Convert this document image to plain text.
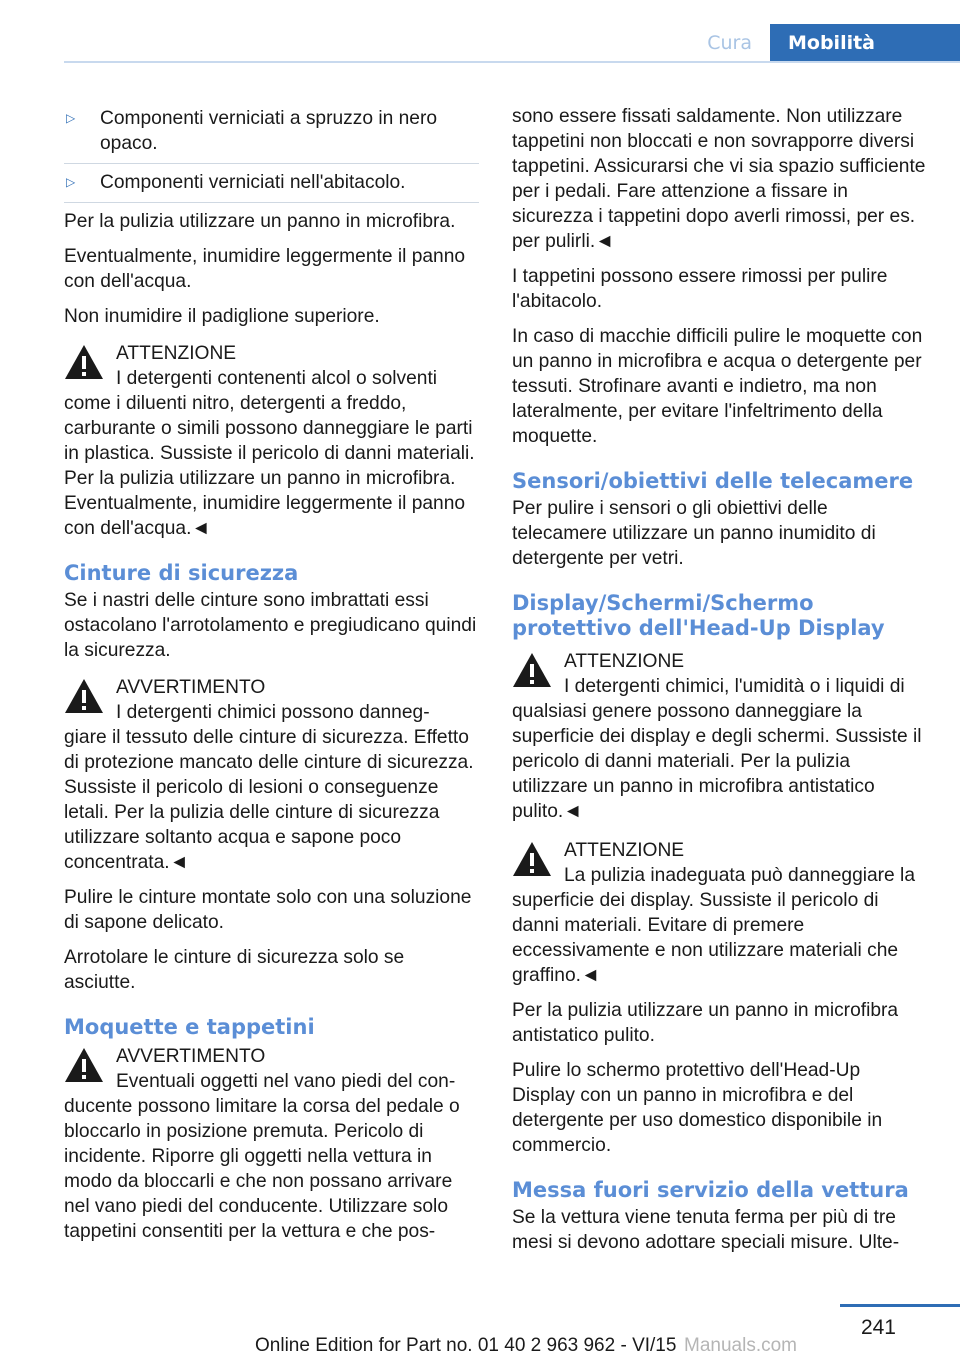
Cura	Mobilità
▷	Componenti verniciati a spruzzo in nero opaco.
▷	Componenti verniciati nell'abitacolo.

Per la pulizia utilizzare un panno in microfibra.

Eventualmente, inumidire leggermente il panno con dell'acqua.

Non inumidire il padiglione superiore.

ATTENZIONE
I detergenti contenenti alcol o solventi
come i diluenti nitro, detergenti a freddo, carburante o simili possono danneggiare le parti in plastica. Sussiste il pericolo di danni materiali. Per la pulizia utilizzare un panno in microfibra. Eventualmente, inumidire leggermente il panno con dell'acqua.◄
Cinture di sicurezza

Se i nastri delle cinture sono imbrattati essi ostacolano l'arrotolamento e pregiudicano quindi la sicurezza.

AVVERTIMENTO
I detergenti chimici possono danneg-
giare il tessuto delle cinture di sicurezza. Effetto di protezione mancato delle cinture di sicurezza. Sussiste il pericolo di lesioni o conseguenze letali. Per la pulizia delle cinture di sicurezza utilizzare soltanto acqua e sapone poco concentrata.◄

Pulire le cinture montate solo con una soluzione di sapone delicato.

Arrotolare le cinture di sicurezza solo se asciutte.

Moquette e tappetini
AVVERTIMENTO
Eventuali oggetti nel vano piedi del con-
ducente possono limitare la corsa del pedale o bloccarlo in posizione premuta. Pericolo di incidente. Riporre gli oggetti nella vettura in modo da bloccarli e che non possano arrivare nel vano piedi del conducente. Utilizzare solo tappetini consentiti per la vettura e che pos-

sono essere fissati saldamente. Non utilizzare tappetini non bloccati e non sovrapporre diversi tappetini. Assicurarsi che vi sia spazio sufficiente per i pedali. Fare attenzione a fissare in sicurezza i tappetini dopo averli rimossi, per es. per pulirli.◄

I tappetini possono essere rimossi per pulire l'abitacolo.

In caso di macchie difficili pulire le moquette con un panno in microfibra e acqua o detergente per tessuti. Strofinare avanti e indietro, ma non lateralmente, per evitare l'infeltrimento della moquette.

Sensori/obiettivi delle telecamere

Per pulire i sensori o gli obiettivi delle telecamere utilizzare un panno inumidito di detergente per vetri.

Display/Schermi/Schermo protettivo dell'Head-Up Display
ATTENZIONE
I detergenti chimici, l'umidità o i liquidi di
qualsiasi genere possono danneggiare la superficie dei display e degli schermi. Sussiste il pericolo di danni materiali. Per la pulizia utilizzare un panno in microfibra antistatico pulito.◄
ATTENZIONE
La pulizia inadeguata può danneggiare la
superficie dei display. Sussiste il pericolo di danni materiali. Evitare di premere eccessivamente e non utilizzare materiali che graffino.◄

Per la pulizia utilizzare un panno in microfibra antistatico pulito.

Pulire lo schermo protettivo dell'Head-Up Display con un panno in microfibra e del detergente per uso domestico disponibile in commercio.

Messa fuori servizio della vettura

Se la vettura viene tenuta ferma per più di tre mesi si devono adottare speciali misure. Ulte-

241
Online Edition for Part no. 01 40 2 963 962 - VI/15 Manuals.com
